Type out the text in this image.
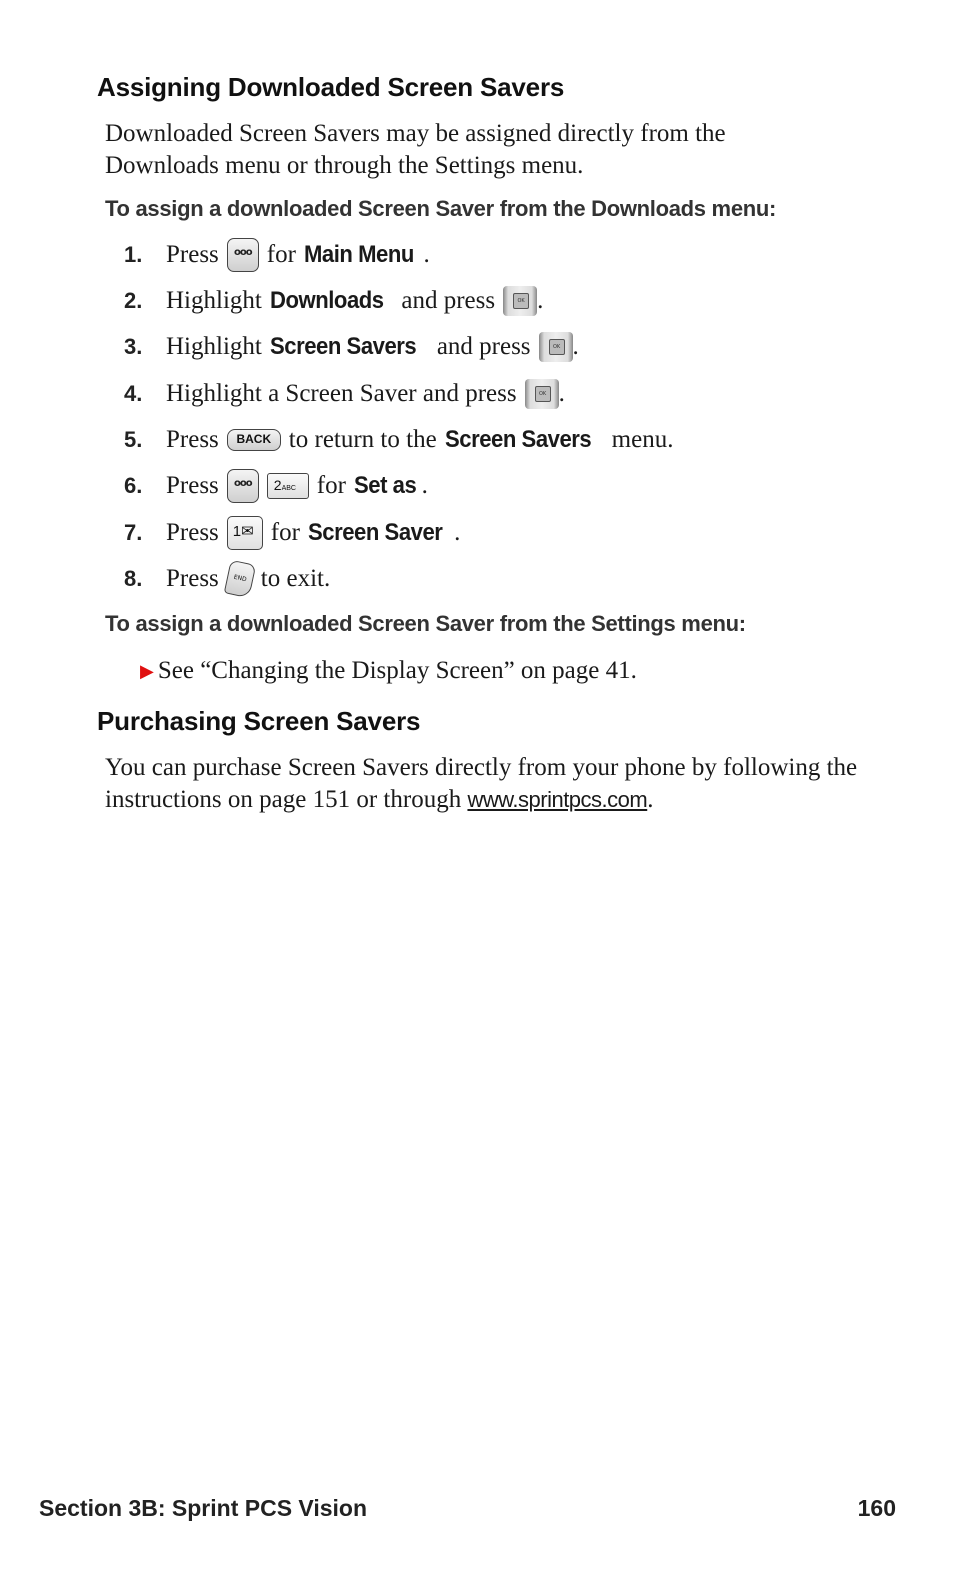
Assigning Downloaded Screen Savers

Downloaded Screen Savers may be assigned directly from the Downloads menu or through the Settings menu.

To assign a downloaded Screen Saver from the Downloads menu:

1. Press ooo for Main Menu .
2. Highlight Downloads and press	OK .
3. Highlight Screen Savers and press	OK .
4. Highlight a Screen Saver and press	OK .
5. Press	BACK to return to the Screen Savers menu.
6. Press ooo	2ABC for Set as .
7. Press 1✉ for Screen Saver .
8. Press	END to exit.

To assign a downloaded Screen Saver from the Settings menu:

▶ See “Changing the Display Screen” on page 41.
Purchasing Screen Savers

You can purchase Screen Savers directly from your phone by following the instructions on page 151 or through www.sprintpcs.com.

Section 3B: Sprint PCS Vision	160
